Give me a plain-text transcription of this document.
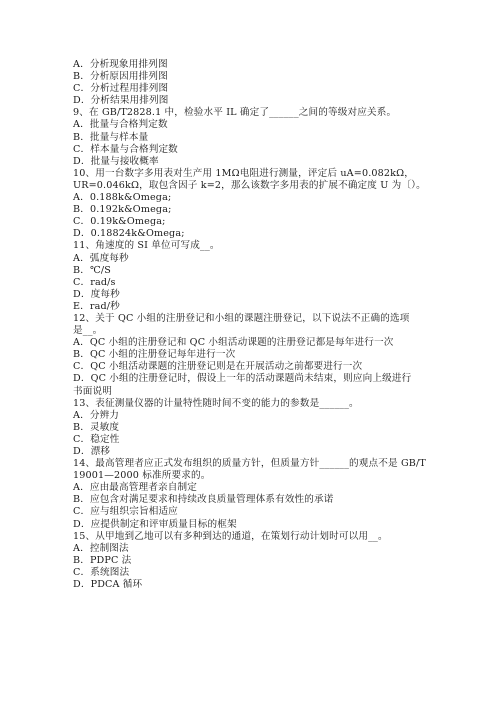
A．分析现象用排列图
B．分析原因用排列图
C．分析过程用排列图
D．分析结果用排列图
9、在 GB/T2828.1 中，检验水平 IL 确定了______之间的等级对应关系。
A．批量与合格判定数
B．批量与样本量
C．样本量与合格判定数
D．批量与接收概率
10、用一台数字多用表对生产用 1MΩ电阻进行测量，评定后 uA=0.082kΩ，
UR=0.046kΩ，取包含因子 k=2，那么该数字多用表的扩展不确定度 U 为〔）。
A．0.188k&Omega;
B．0.192k&Omega;
C．0.19k&Omega;
D．0.18824k&Omega;
11、角速度的 SI 单位可写成__。
A．弧度每秒
B．℃/S
C．rad/s
D．度每秒
E．rad/秒
12、关于 QC 小组的注册登记和小组的课题注册登记，以下说法不正确的选项
是__。
A．QC 小组的注册登记和 QC 小组活动课题的注册登记都是每年进行一次
B．QC 小组的注册登记每年进行一次
C．QC 小组活动课题的注册登记则是在开展活动之前都要进行一次
D．QC 小组的注册登记时，假设上一年的活动课题尚未结束，则应向上级进行
书面说明
13、表征测量仪器的计量特性随时间不变的能力的参数是______。
A．分辨力
B．灵敏度
C．稳定性
D．漂移
14、最高管理者应正式发布组织的质量方针，但质量方针______的观点不是 GB/T
19001—2000 标准所要求的。
A．应由最高管理者亲自制定
B．应包含对满足要求和持续改良质量管理体系有效性的承诺
C．应与组织宗旨相适应
D．应提供制定和评审质量目标的框架
15、从甲地到乙地可以有多种到达的通道，在策划行动计划时可以用__。
A．控制图法
B．PDPC 法
C．系统图法
D．PDCA 循环
